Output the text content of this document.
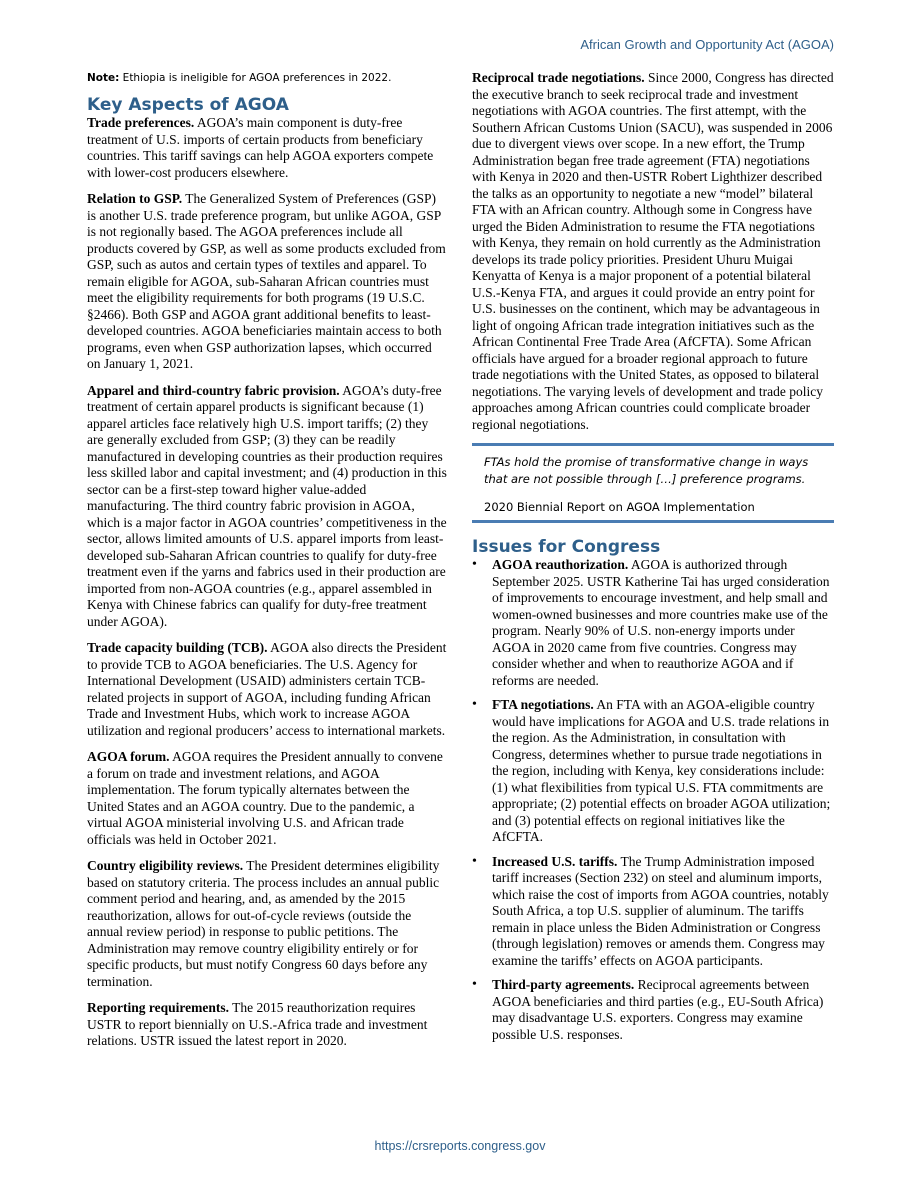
African Growth and Opportunity Act (AGOA)
Note: Ethiopia is ineligible for AGOA preferences in 2022.
Key Aspects of AGOA

Trade preferences. AGOA’s main component is duty-free treatment of U.S. imports of certain products from beneficiary countries. This tariff savings can help AGOA exporters compete with lower-cost producers elsewhere.

Relation to GSP. The Generalized System of Preferences (GSP) is another U.S. trade preference program, but unlike AGOA, GSP is not regionally based. The AGOA preferences include all products covered by GSP, as well as some products excluded from GSP, such as autos and certain types of textiles and apparel. To remain eligible for AGOA, sub-Saharan African countries must meet the eligibility requirements for both programs (19 U.S.C. §2466). Both GSP and AGOA grant additional benefits to least-developed countries. AGOA beneficiaries maintain access to both programs, even when GSP authorization lapses, which occurred on January 1, 2021.

Apparel and third-country fabric provision. AGOA’s duty-free treatment of certain apparel products is significant because (1) apparel articles face relatively high U.S. import tariffs; (2) they are generally excluded from GSP; (3) they can be readily manufactured in developing countries as their production requires less skilled labor and capital investment; and (4) production in this sector can be a first-step toward higher value-added manufacturing. The third country fabric provision in AGOA, which is a major factor in AGOA countries’ competitiveness in the sector, allows limited amounts of U.S. apparel imports from least-developed sub-Saharan African countries to qualify for duty-free treatment even if the yarns and fabrics used in their production are imported from non-AGOA countries (e.g., apparel assembled in Kenya with Chinese fabrics can qualify for duty-free treatment under AGOA).

Trade capacity building (TCB). AGOA also directs the President to provide TCB to AGOA beneficiaries. The U.S. Agency for International Development (USAID) administers certain TCB-related projects in support of AGOA, including funding African Trade and Investment Hubs, which work to increase AGOA utilization and regional producers’ access to international markets.

AGOA forum. AGOA requires the President annually to convene a forum on trade and investment relations, and AGOA implementation. The forum typically alternates between the United States and an AGOA country. Due to the pandemic, a virtual AGOA ministerial involving U.S. and African trade officials was held in October 2021.

Country eligibility reviews. The President determines eligibility based on statutory criteria. The process includes an annual public comment period and hearing, and, as amended by the 2015 reauthorization, allows for out-of-cycle reviews (outside the annual review period) in response to public petitions. The Administration may remove country eligibility entirely or for specific products, but must notify Congress 60 days before any termination.

Reporting requirements. The 2015 reauthorization requires USTR to report biennially on U.S.-Africa trade and investment relations. USTR issued the latest report in 2020.

Reciprocal trade negotiations. Since 2000, Congress has directed the executive branch to seek reciprocal trade and investment negotiations with AGOA countries. The first attempt, with the Southern African Customs Union (SACU), was suspended in 2006 due to divergent views over scope. In a new effort, the Trump Administration began free trade agreement (FTA) negotiations with Kenya in 2020 and then-USTR Robert Lighthizer described the talks as an opportunity to negotiate a new “model” bilateral FTA with an African country. Although some in Congress have urged the Biden Administration to resume the FTA negotiations with Kenya, they remain on hold currently as the Administration develops its trade policy priorities. President Uhuru Muigai Kenyatta of Kenya is a major proponent of a potential bilateral U.S.-Kenya FTA, and argues it could provide an entry point for U.S. businesses on the continent, which may be advantageous in light of ongoing African trade integration initiatives such as the African Continental Free Trade Area (AfCFTA). Some African officials have argued for a broader regional approach to future trade negotiations with the United States, as opposed to bilateral negotiations. The varying levels of development and trade policy approaches among African countries could complicate broader regional negotiations.

FTAs hold the promise of transformative change in ways that are not possible through […] preference programs.
2020 Biennial Report on AGOA Implementation
Issues for Congress
• AGOA reauthorization. AGOA is authorized through September 2025. USTR Katherine Tai has urged consideration of improvements to encourage investment, and help small and women-owned businesses and more countries make use of the program. Nearly 90% of U.S. non-energy imports under AGOA in 2020 came from five countries. Congress may consider whether and when to reauthorize AGOA and if reforms are needed.
• FTA negotiations. An FTA with an AGOA-eligible country would have implications for AGOA and U.S. trade relations in the region. As the Administration, in consultation with Congress, determines whether to pursue trade negotiations in the region, including with Kenya, key considerations include: (1) what flexibilities from typical U.S. FTA commitments are appropriate; (2) potential effects on broader AGOA utilization; and (3) potential effects on regional initiatives like the AfCFTA.
• Increased U.S. tariffs. The Trump Administration imposed tariff increases (Section 232) on steel and aluminum imports, which raise the cost of imports from AGOA countries, notably South Africa, a top U.S. supplier of aluminum. The tariffs remain in place unless the Biden Administration or Congress (through legislation) removes or amends them. Congress may examine the tariffs’ effects on AGOA participants.
• Third-party agreements. Reciprocal agreements between AGOA beneficiaries and third parties (e.g., EU-South Africa) may disadvantage U.S. exporters. Congress may examine possible U.S. responses.
https://crsreports.congress.gov
